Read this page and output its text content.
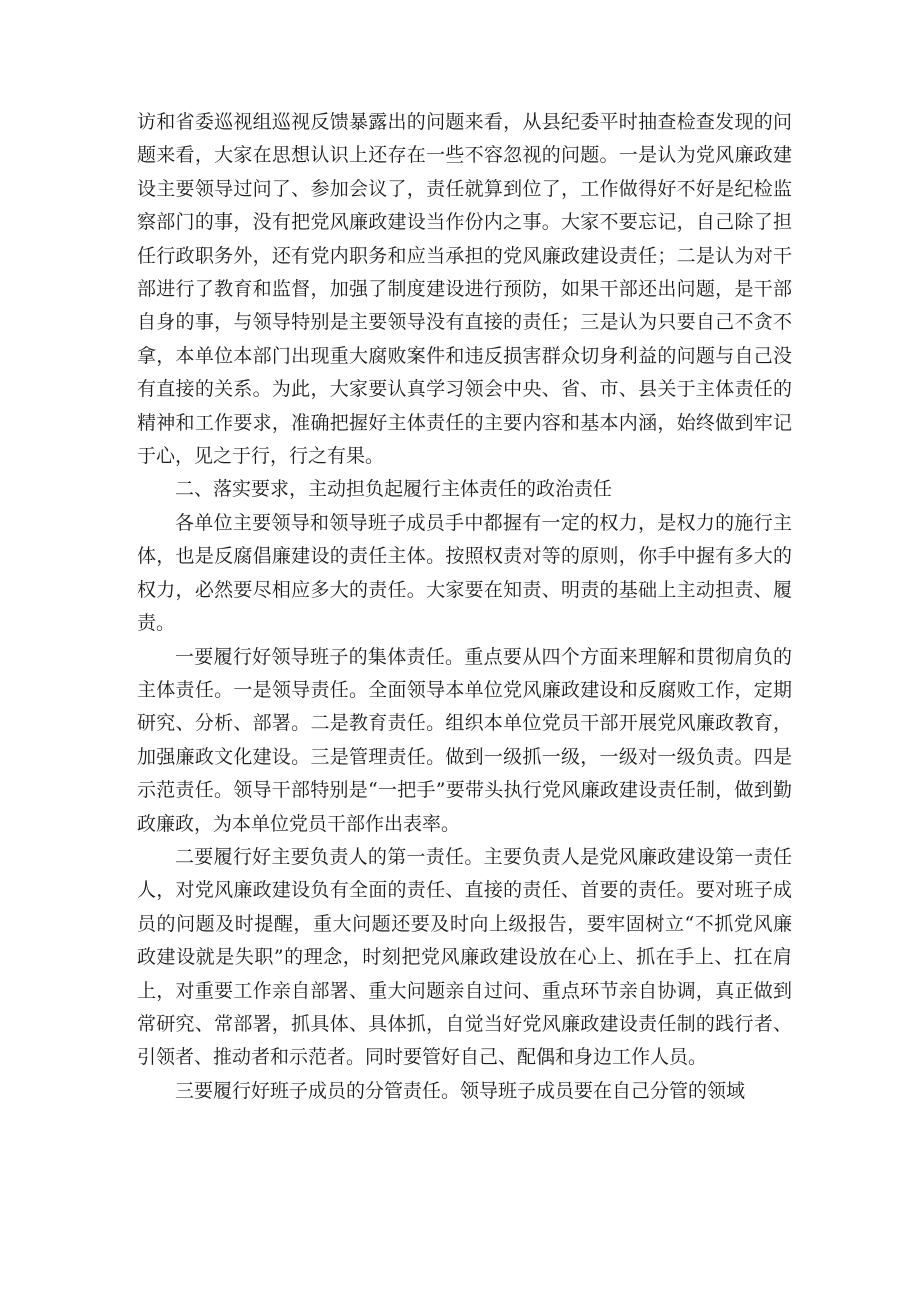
访和省委巡视组巡视反馈暴露出的问题来看，从县纪委平时抽查检查发现的问题来看，大家在思想认识上还存在一些不容忽视的问题。一是认为党风廉政建设主要领导过问了、参加会议了，责任就算到位了，工作做得好不好是纪检监察部门的事，没有把党风廉政建设当作份内之事。大家不要忘记，自己除了担任行政职务外，还有党内职务和应当承担的党风廉政建设责任；二是认为对干部进行了教育和监督，加强了制度建设进行预防，如果干部还出问题，是干部自身的事，与领导特别是主要领导没有直接的责任；三是认为只要自己不贪不拿，本单位本部门出现重大腐败案件和违反损害群众切身利益的问题与自己没有直接的关系。为此，大家要认真学习领会中央、省、市、县关于主体责任的精神和工作要求，准确把握好主体责任的主要内容和基本内涵，始终做到牢记于心，见之于行，行之有果。

二、落实要求，主动担负起履行主体责任的政治责任

各单位主要领导和领导班子成员手中都握有一定的权力，是权力的施行主体，也是反腐倡廉建设的责任主体。按照权责对等的原则，你手中握有多大的权力，必然要尽相应多大的责任。大家要在知责、明责的基础上主动担责、履责。

一要履行好领导班子的集体责任。重点要从四个方面来理解和贯彻肩负的主体责任。一是领导责任。全面领导本单位党风廉政建设和反腐败工作，定期研究、分析、部署。二是教育责任。组织本单位党员干部开展党风廉政教育，加强廉政文化建设。三是管理责任。做到一级抓一级，一级对一级负责。四是示范责任。领导干部特别是“一把手”要带头执行党风廉政建设责任制，做到勤政廉政，为本单位党员干部作出表率。

二要履行好主要负责人的第一责任。主要负责人是党风廉政建设第一责任人，对党风廉政建设负有全面的责任、直接的责任、首要的责任。要对班子成员的问题及时提醒，重大问题还要及时向上级报告，要牢固树立“不抓党风廉政建设就是失职”的理念，时刻把党风廉政建设放在心上、抓在手上、扛在肩上，对重要工作亲自部署、重大问题亲自过问、重点环节亲自协调，真正做到常研究、常部署，抓具体、具体抓，自觉当好党风廉政建设责任制的践行者、引领者、推动者和示范者。同时要管好自己、配偶和身边工作人员。

三要履行好班子成员的分管责任。领导班子成员要在自己分管的领域
